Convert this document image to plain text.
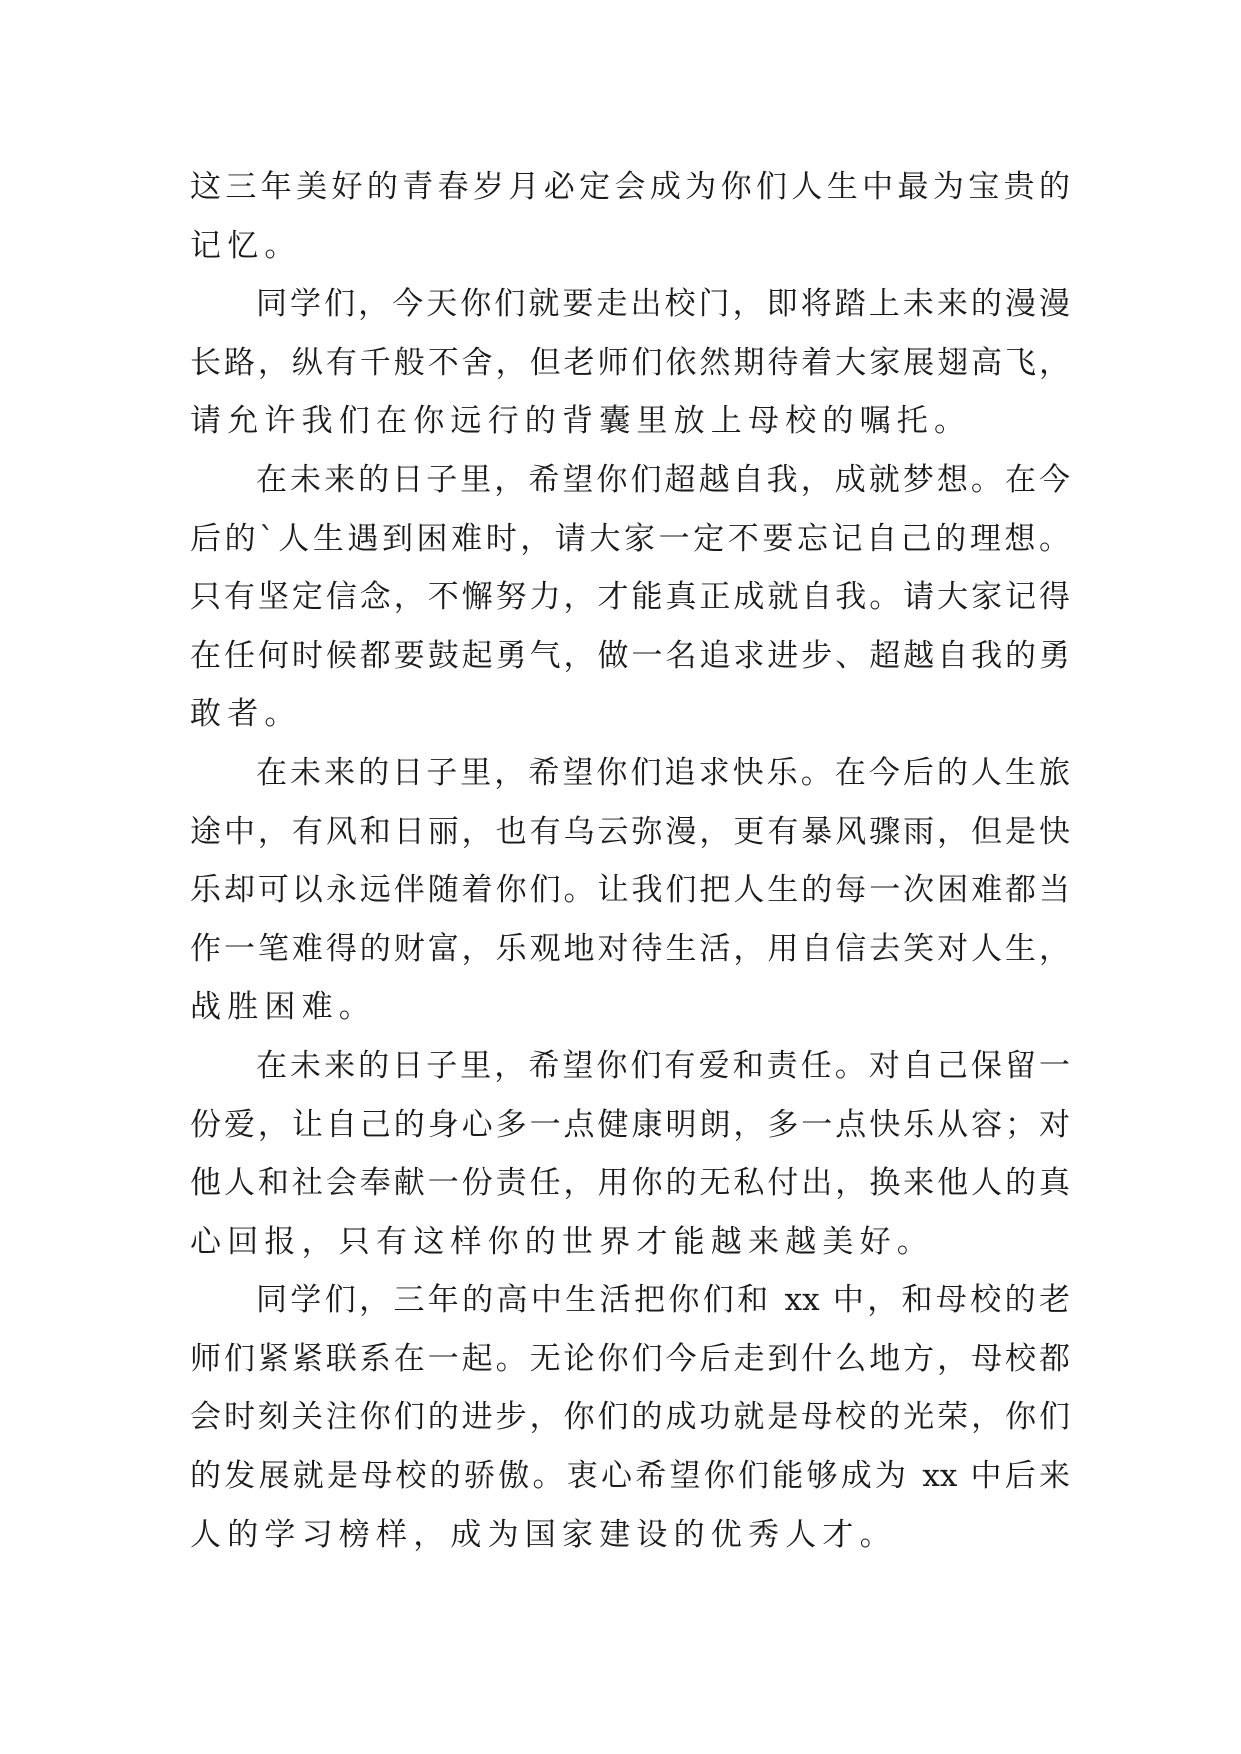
这三年美好的青春岁月必定会成为你们人生中最为宝贵的
记忆。
同学们，今天你们就要走出校门，即将踏上未来的漫漫
长路，纵有千般不舍，但老师们依然期待着大家展翅高飞，
请允许我们在你远行的背囊里放上母校的嘱托。
在未来的日子里，希望你们超越自我，成就梦想。在今
后的`人生遇到困难时，请大家一定不要忘记自己的理想。
只有坚定信念，不懈努力，才能真正成就自我。请大家记得
在任何时候都要鼓起勇气，做一名追求进步、超越自我的勇
敢者。
在未来的日子里，希望你们追求快乐。在今后的人生旅
途中，有风和日丽，也有乌云弥漫，更有暴风骤雨，但是快
乐却可以永远伴随着你们。让我们把人生的每一次困难都当
作一笔难得的财富，乐观地对待生活，用自信去笑对人生，
战胜困难。
在未来的日子里，希望你们有爱和责任。对自己保留一
份爱，让自己的身心多一点健康明朗，多一点快乐从容；对
他人和社会奉献一份责任，用你的无私付出，换来他人的真
心回报，只有这样你的世界才能越来越美好。
同学们，三年的高中生活把你们和 xx 中，和母校的老
师们紧紧联系在一起。无论你们今后走到什么地方，母校都
会时刻关注你们的进步，你们的成功就是母校的光荣，你们
的发展就是母校的骄傲。衷心希望你们能够成为 xx 中后来
人的学习榜样，成为国家建设的优秀人才。
